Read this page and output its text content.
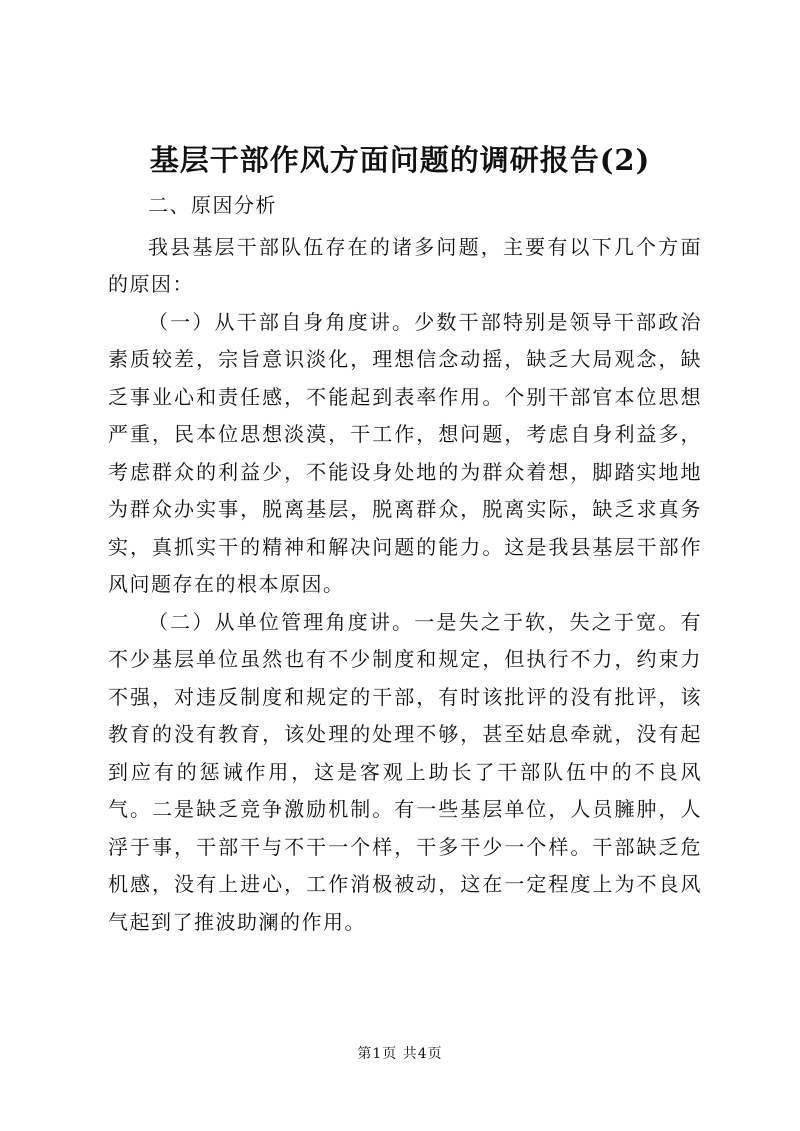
基层干部作风方面问题的调研报告(2)

二、原因分析

我县基层干部队伍存在的诸多问题，主要有以下几个方面的原因：

（一）从干部自身角度讲。少数干部特别是领导干部政治素质较差，宗旨意识淡化，理想信念动摇，缺乏大局观念，缺乏事业心和责任感，不能起到表率作用。个别干部官本位思想严重，民本位思想淡漠，干工作，想问题，考虑自身利益多，考虑群众的利益少，不能设身处地的为群众着想，脚踏实地地为群众办实事，脱离基层，脱离群众，脱离实际，缺乏求真务实，真抓实干的精神和解决问题的能力。这是我县基层干部作风问题存在的根本原因。

（二）从单位管理角度讲。一是失之于软，失之于宽。有不少基层单位虽然也有不少制度和规定，但执行不力，约束力不强，对违反制度和规定的干部，有时该批评的没有批评，该教育的没有教育，该处理的处理不够，甚至姑息牵就，没有起到应有的惩诫作用，这是客观上助长了干部队伍中的不良风气。二是缺乏竞争激励机制。有一些基层单位，人员臃肿，人浮于事，干部干与不干一个样，干多干少一个样。干部缺乏危机感，没有上进心，工作消极被动，这在一定程度上为不良风气起到了推波助澜的作用。

第1页 共4页
